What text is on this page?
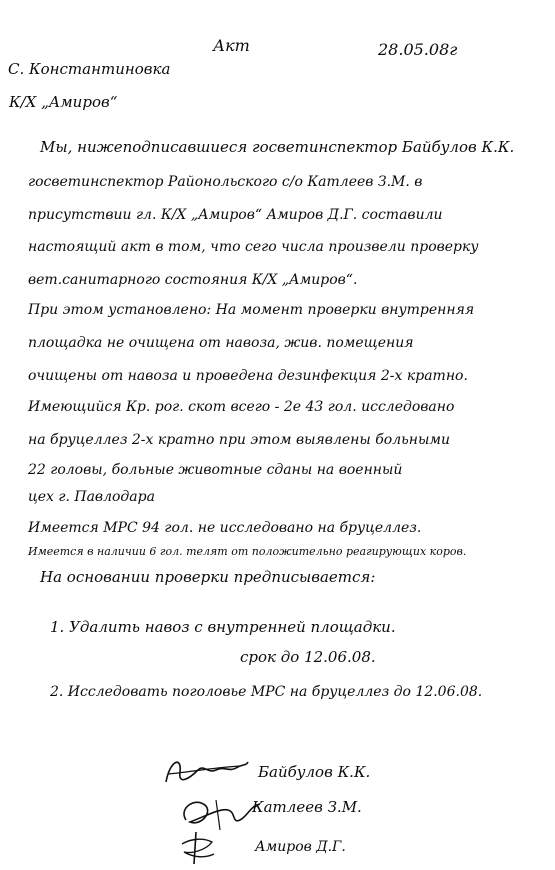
Акт	28.05.08г
С. Константиновка
К/Х „Амиров“
Мы, нижеподписавшиеся госветинспектор Байбулов К.К.
госветинспектор Районольского с/о Катлеев З.М. в
присутствии гл. К/Х „Амиров“ Амиров Д.Г. составили
настоящий акт в том, что сего числа произвели проверку
вет.санитарного состояния К/Х „Амиров“.
При этом установлено: На момент проверки внутренняя
площадка не очищена от навоза, жив. помещения
очищены от навоза и проведена дезинфекция 2-х кратно.
Имеющийся Кр. рог. скот всего - 2е 43 гол. исследовано
на бруцеллез 2-х кратно при этом выявлены больными
22 головы, больные животные сданы на военный
цех г. Павлодара
Имеется МРС 94 гол. не исследовано на бруцеллез.
Имеется в наличии 6 гол. телят от положительно реагирующих коров.
На основании проверки предписывается:
1. Удалить навоз с внутренней площадки.
срок до 12.06.08.
2. Исследовать поголовье МРС на бруцеллез до 12.06.08.
Байбулов К.К.
Катлеев З.М.
Амиров Д.Г.
